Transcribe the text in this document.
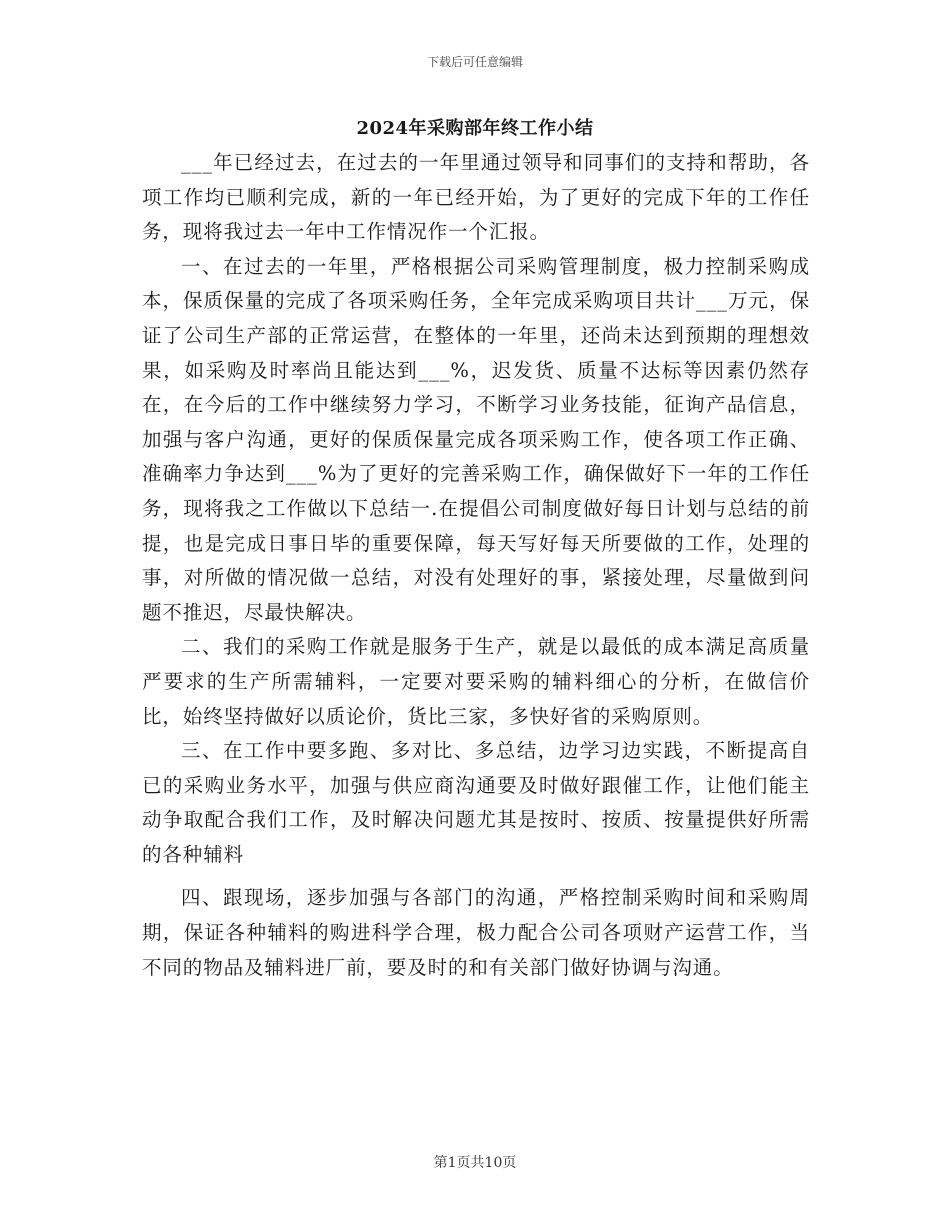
下载后可任意编辑
2024年采购部年终工作小结

___年已经过去，在过去的一年里通过领导和同事们的支持和帮助，各项工作均已顺利完成，新的一年已经开始，为了更好的完成下年的工作任务，现将我过去一年中工作情况作一个汇报。

一、在过去的一年里，严格根据公司采购管理制度，极力控制采购成本，保质保量的完成了各项采购任务，全年完成采购项目共计___万元，保证了公司生产部的正常运营，在整体的一年里，还尚未达到预期的理想效果，如采购及时率尚且能达到___%，迟发货、质量不达标等因素仍然存在，在今后的工作中继续努力学习，不断学习业务技能，征询产品信息，加强与客户沟通，更好的保质保量完成各项采购工作，使各项工作正确、准确率力争达到___%为了更好的完善采购工作，确保做好下一年的工作任务，现将我之工作做以下总结一.在提倡公司制度做好每日计划与总结的前提，也是完成日事日毕的重要保障，每天写好每天所要做的工作，处理的事，对所做的情况做一总结，对没有处理好的事，紧接处理，尽量做到问题不推迟，尽最快解决。

二、我们的采购工作就是服务于生产，就是以最低的成本满足高质量严要求的生产所需辅料，一定要对要采购的辅料细心的分析，在做信价比，始终坚持做好以质论价，货比三家，多快好省的采购原则。

三、在工作中要多跑、多对比、多总结，边学习边实践，不断提高自已的采购业务水平，加强与供应商沟通要及时做好跟催工作，让他们能主动争取配合我们工作，及时解决问题尤其是按时、按质、按量提供好所需的各种辅料

四、跟现场，逐步加强与各部门的沟通，严格控制采购时间和采购周期，保证各种辅料的购进科学合理，极力配合公司各项财产运营工作，当不同的物品及辅料进厂前，要及时的和有关部门做好协调与沟通。

第1页共10页
